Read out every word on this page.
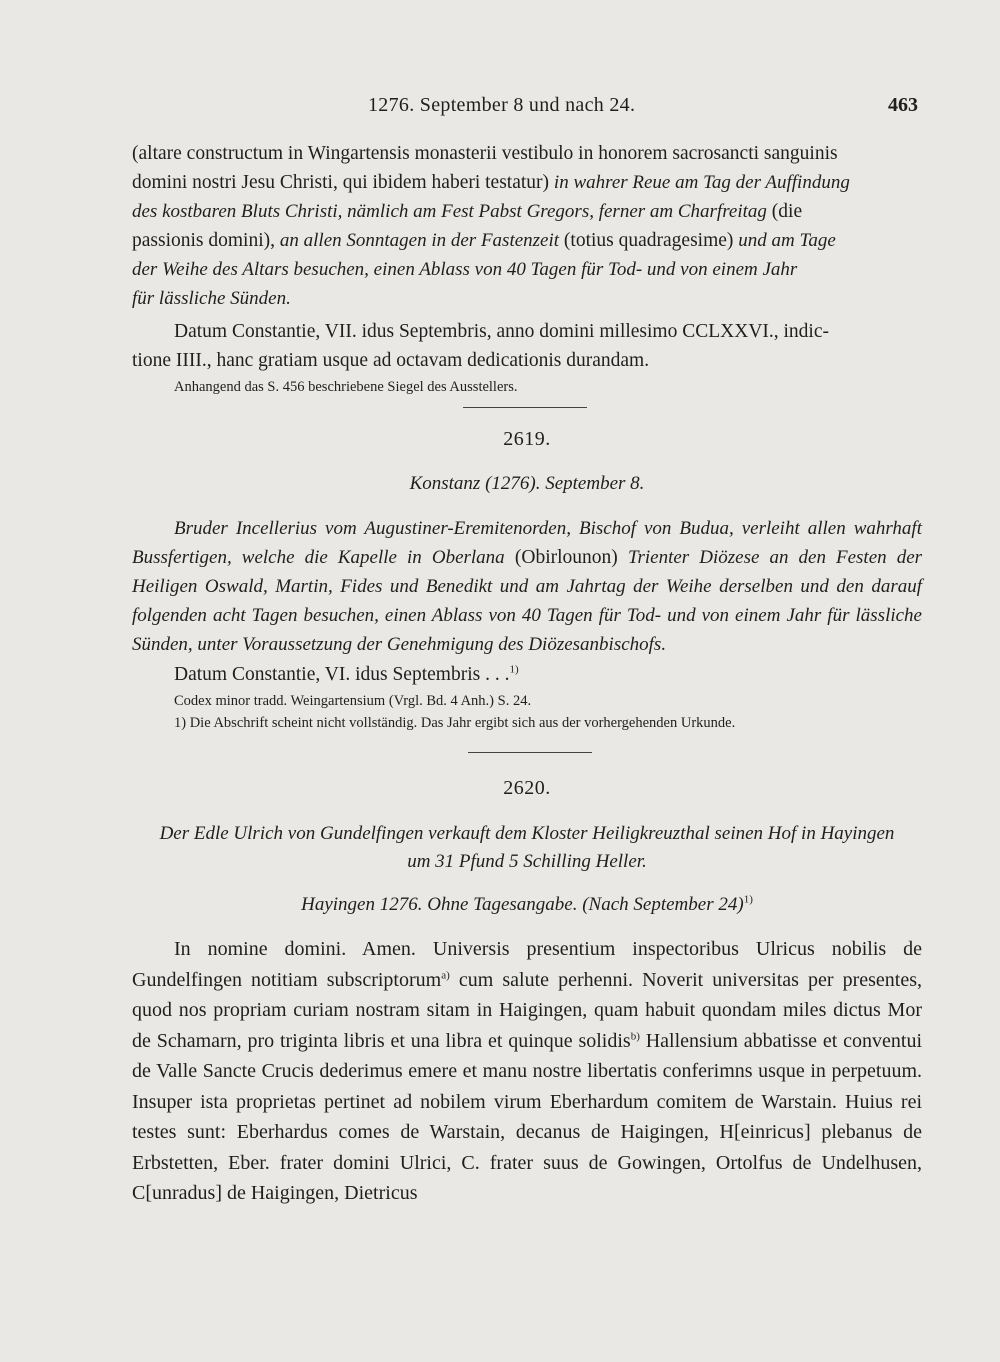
1276. September 8 und nach 24.	463

(altare constructum in Wingartensis monasterii vestibulo in honorem sacrosancti sanguinis

domini nostri Jesu Christi, qui ibidem haberi testatur) in wahrer Reue am Tag der Auffindung

des kostbaren Bluts Christi, nämlich am Fest Pabst Gregors, ferner am Charfreitag (die

passionis domini), an allen Sonntagen in der Fastenzeit (totius quadragesime) und am Tage

der Weihe des Altars besuchen, einen Ablass von 40 Tagen für Tod- und von einem Jahr

für lässliche Sünden.

Datum Constantie, VII. idus Septembris, anno domini millesimo CCLXXVI., indic-

tione IIII., hanc gratiam usque ad octavam dedicationis durandam.

Anhangend das S. 456 beschriebene Siegel des Ausstellers.

2619.
Konstanz (1276). September 8.

Bruder Incellerius vom Augustiner-Eremitenorden, Bischof von Budua, verleiht allen wahrhaft Bussfertigen, welche die Kapelle in Oberlana (Obirlounon) Trienter Diözese an den Festen der Heiligen Oswald, Martin, Fides und Benedikt und am Jahrtag der Weihe derselben und den darauf folgenden acht Tagen besuchen, einen Ablass von 40 Tagen für Tod- und von einem Jahr für lässliche Sünden, unter Voraussetzung der Genehmigung des Diözesanbischofs.

Datum Constantie, VI. idus Septembris . . .$^{1)}$

Codex minor tradd. Weingartensium (Vrgl. Bd. 4 Anh.) S. 24.

1) Die Abschrift scheint nicht vollständig. Das Jahr ergibt sich aus der vorhergehenden Urkunde.

2620.

Der Edle Ulrich von Gundelfingen verkauft dem Kloster Heiligkreuzthal seinen Hof in Hayingen

um 31 Pfund 5 Schilling Heller.

Hayingen 1276. Ohne Tagesangabe. (Nach September 24)$^{1)}$

In nomine domini. Amen. Universis presentium inspectoribus Ulricus nobilis de Gundelfingen notitiam subscriptorum$^{a)}$ cum salute perhenni. Noverit universitas per presentes, quod nos propriam curiam nostram sitam in Haigingen, quam habuit quondam miles dictus Mor de Schamarn, pro triginta libris et una libra et quinque solidis$^{b)}$ Hallensium abbatisse et conventui de Valle Sancte Crucis dederimus emere et manu nostre libertatis conferimns usque in perpetuum. Insuper ista proprietas pertinet ad nobilem virum Eberhardum comitem de Warstain. Huius rei testes sunt: Eberhardus comes de Warstain, decanus de Haigingen, H[einricus] plebanus de Erbstetten, Eber. frater domini Ulrici, C. frater suus de Gowingen, Ortolfus de Undelhusen, C[unradus] de Haigingen, Dietricus
